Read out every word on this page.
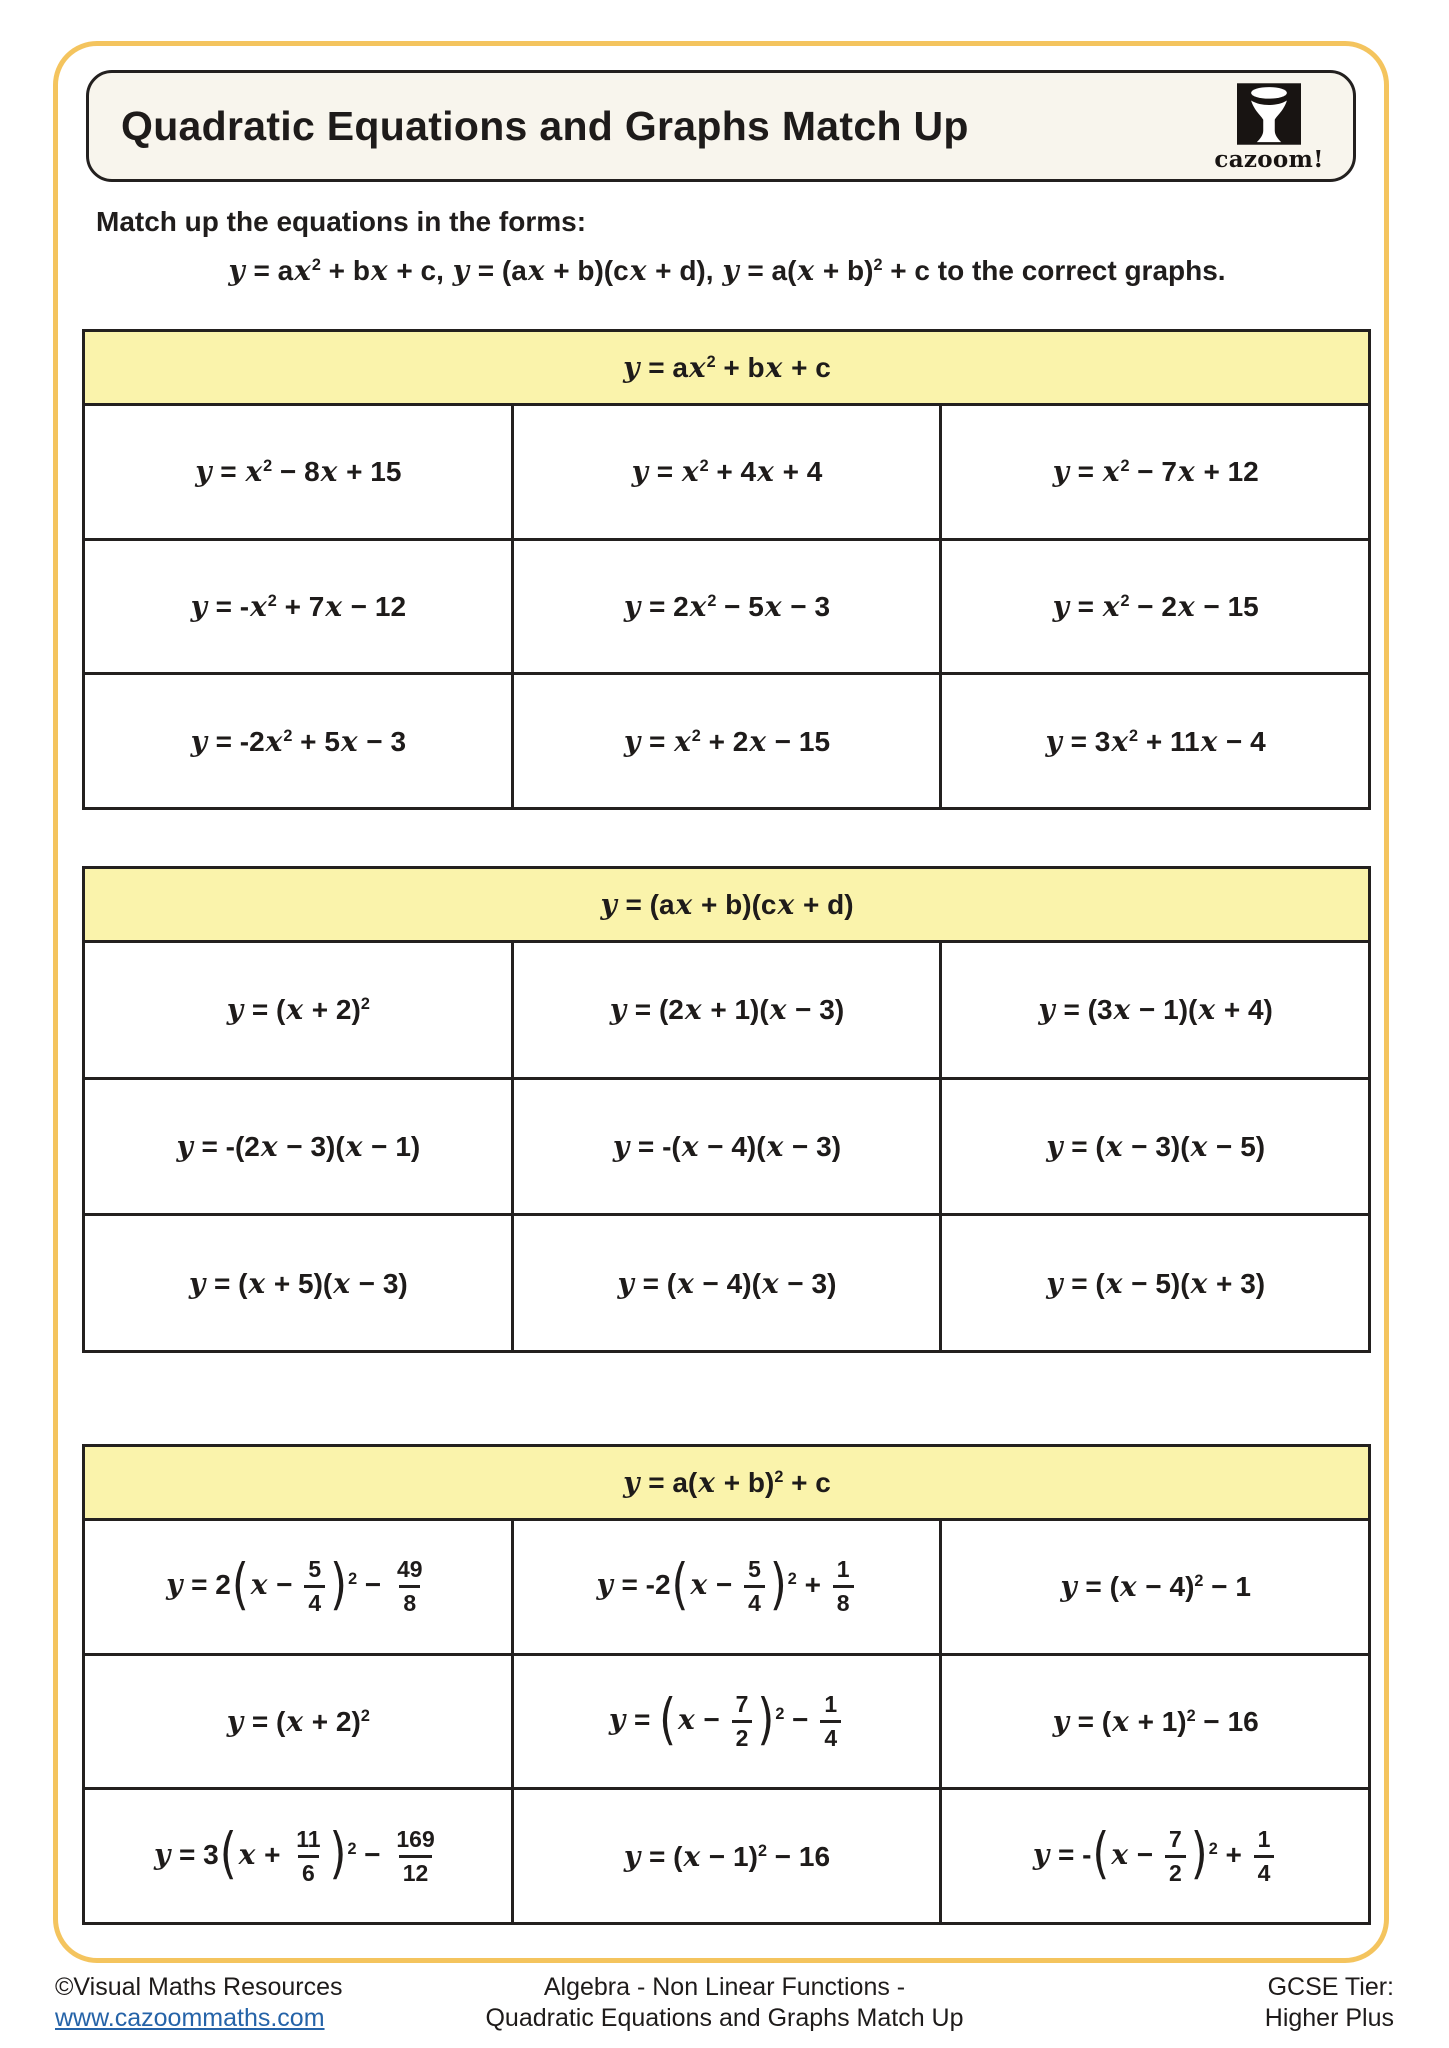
Quadratic Equations and Graphs Match Up
cazoom!
Match up the equations in the forms:
$y = ax^2$ + bx + c, y = (ax + b)(cx + d), $y = a(x + b)^2 + c$ to the correct graphs.
$y = ax^2$ + bx + c		
$y = x^2 - 8x + 15$	$y = x^2 + 4x + 4$	$y = x^2 - 7x + 12$
$y = -x^2 + 7x - 12$	$y = 2x^2 - 5x - 3$	$y = x^2 - 2x - 15$
$y = -2x^2 + 5x - 3$	$y = x^2 + 2x - 15$	$y = 3x^2 + 11x - 4$
y = (ax + b)(cx + d)		
$y = (x + 2)^2$	y = (2x + 1)(x − 3)	y = (3x − 1)(x + 4)
y = -(2x − 3)(x − 1)	y = -(x − 4)(x − 3)	y = (x − 3)(x − 5)
y = (x + 5)(x − 3)	y = (x − 4)(x − 3)	y = (x − 5)(x + 3)
$y = a(x + b)^2 + c$		
$y = 2(x - \frac{5}{4} )^2 - \frac{49}{8}$	$y = -2(x - \frac{5}{4} )^2 + \frac{1}{8}$	$y = (x - 4)^2 - 1$
$y = (x + 2)^2$	$y = (x - \frac{7}{2} )^2 - \frac{1}{4}$	$y = (x + 1)^2 - 16$
$y = 3(x + \frac{11}{6} )^2 - \frac{169}{12}$	$y = (x - 1)^2 - 16$	$y = -(x - \frac{7}{2} )^2 + \frac{1}{4}$
©Visual Maths Resources
www.cazoommaths.com
Algebra - Non Linear Functions -
Quadratic Equations and Graphs Match Up
GCSE Tier:
Higher Plus
